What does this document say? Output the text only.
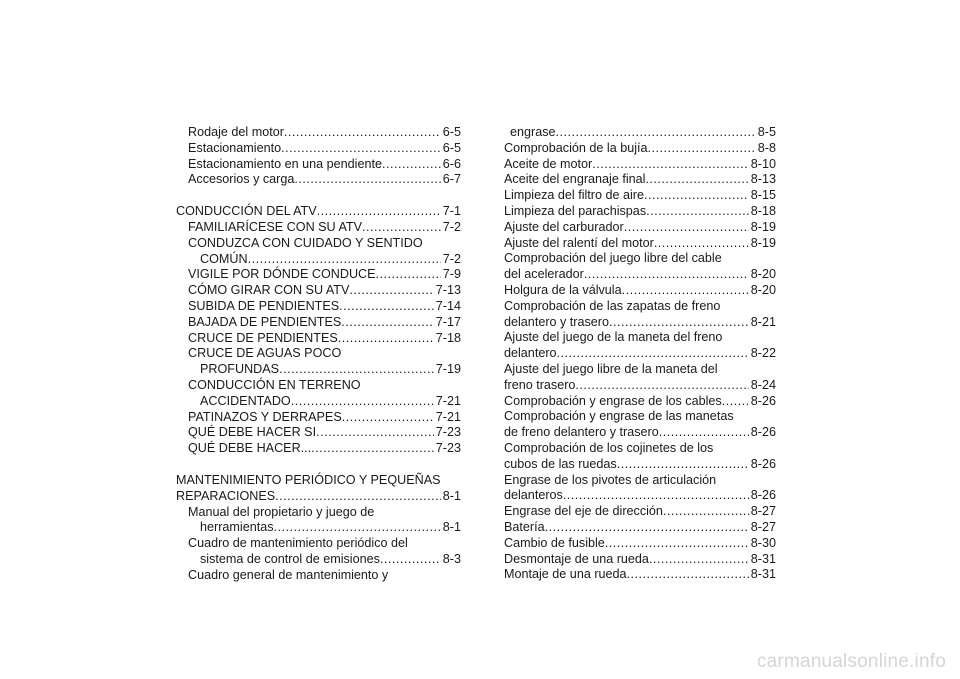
Rodaje del motor .....	6-5
Estacionamiento .....	6-5
Estacionamiento en una pendiente .....	6-6
Accesorios y carga .....	6-7
CONDUCCIÓN DEL ATV .....	7-1
FAMILIARÍCESE CON SU ATV .....	7-2
CONDUZCA CON CUIDADO Y SENTIDO
COMÚN .....	7-2
VIGILE POR DÓNDE CONDUCE .....	7-9
CÓMO GIRAR CON SU ATV .....	7-13
SUBIDA DE PENDIENTES .....	7-14
BAJADA DE PENDIENTES .....	7-17
CRUCE DE PENDIENTES .....	7-18
CRUCE DE AGUAS POCO
PROFUNDAS .....	7-19
CONDUCCIÓN EN TERRENO
ACCIDENTADO .....	7-21
PATINAZOS Y DERRAPES .....	7-21
QUÉ DEBE HACER SI .....	7-23
QUÉ DEBE HACER... .....	7-23
MANTENIMIENTO PERIÓDICO Y PEQUEÑAS
REPARACIONES .....	8-1
Manual del propietario y juego de
herramientas .....	8-1
Cuadro de mantenimiento periódico del
sistema de control de emisiones .....	8-3
Cuadro general de mantenimiento y
engrase .....	8-5
Comprobación de la bujía .....	8-8
Aceite de motor .....	8-10
Aceite del engranaje final .....	8-13
Limpieza del filtro de aire .....	8-15
Limpieza del parachispas .....	8-18
Ajuste del carburador .....	8-19
Ajuste del ralentí del motor .....	8-19
Comprobación del juego libre del cable
del acelerador .....	8-20
Holgura de la válvula .....	8-20
Comprobación de las zapatas de freno
delantero y trasero .....	8-21
Ajuste del juego de la maneta del freno
delantero .....	8-22
Ajuste del juego libre de la maneta del
freno trasero .....	8-24
Comprobación y engrase de los cables ..... 8-26
Comprobación y engrase de las manetas
de freno delantero y trasero .....	8-26
Comprobación de los cojinetes de los
cubos de las ruedas .....	8-26
Engrase de los pivotes de articulación
delanteros .....	8-26
Engrase del eje de dirección .....	8-27
Batería .....	8-27
Cambio de fusible .....	8-30
Desmontaje de una rueda .....	8-31
Montaje de una rueda .....	8-31
carmanualsonline.info
